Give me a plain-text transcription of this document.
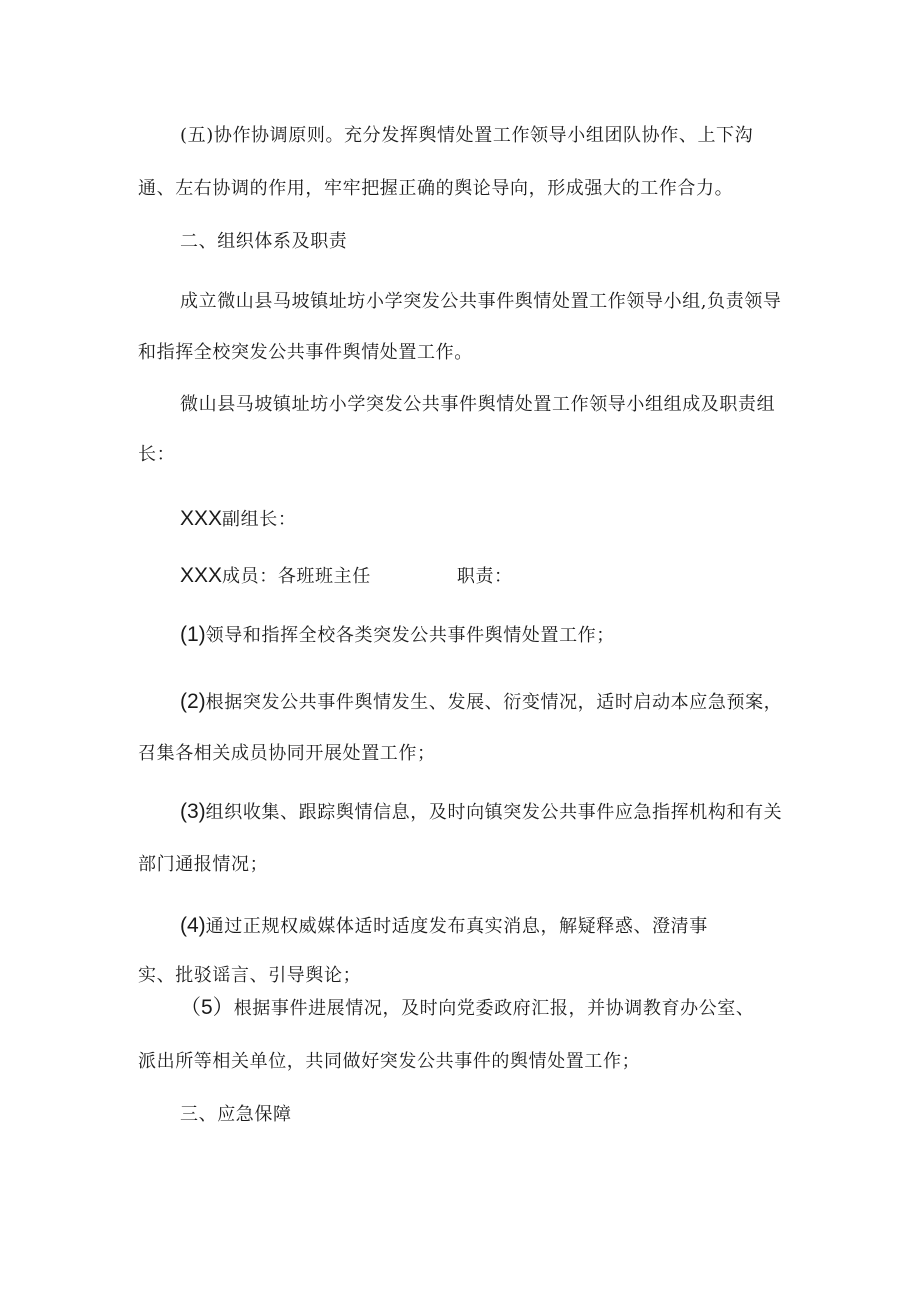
(五)协作协调原则。充分发挥舆情处置工作领导小组团队协作、上下沟
通、左右协调的作用，牢牢把握正确的舆论导向，形成强大的工作合力。
二、组织体系及职责
成立微山县马坡镇址坊小学突发公共事件舆情处置工作领导小组,负责领导
和指挥全校突发公共事件舆情处置工作。
微山县马坡镇址坊小学突发公共事件舆情处置工作领导小组组成及职责组
长：
XXX副组长：
XXX成员：各班班主任	职责：
(1)领导和指挥全校各类突发公共事件舆情处置工作；
(2)根据突发公共事件舆情发生、发展、衍变情况，适时启动本应急预案，
召集各相关成员协同开展处置工作；
(3)组织收集、跟踪舆情信息，及时向镇突发公共事件应急指挥机构和有关
部门通报情况；
(4)通过正规权威媒体适时适度发布真实消息，解疑释惑、澄清事
实、批驳谣言、引导舆论；
（5）根据事件进展情况，及时向党委政府汇报，并协调教育办公室、
派出所等相关单位，共同做好突发公共事件的舆情处置工作；
三、应急保障
